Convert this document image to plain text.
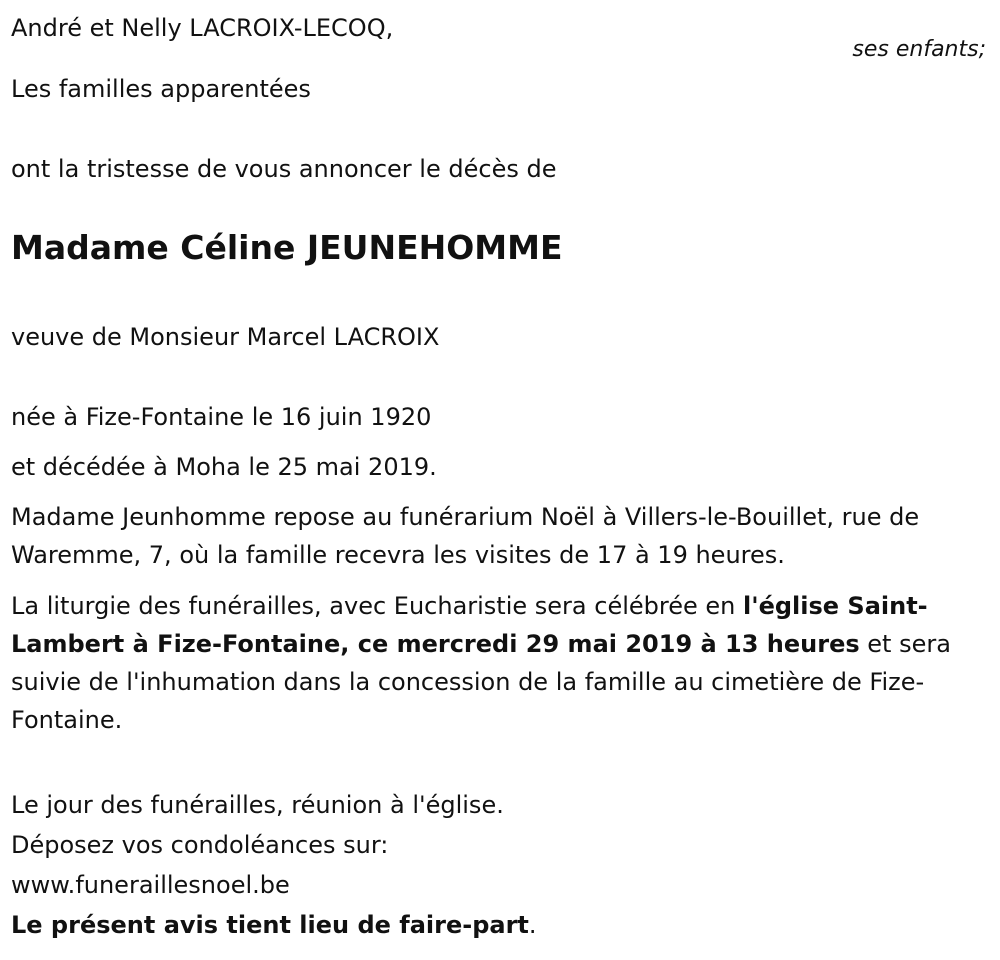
André et Nelly LACROIX-LECOQ,
ses enfants;
Les familles apparentées
ont la tristesse de vous annoncer le décès de
Madame Céline JEUNEHOMME
veuve de Monsieur Marcel LACROIX
née à Fize-Fontaine le 16 juin 1920
et décédée à Moha le 25 mai 2019.
Madame Jeunhomme repose au funérarium Noël à Villers-le-Bouillet, rue de Waremme, 7, où la famille recevra les visites de 17 à 19 heures.
La liturgie des funérailles, avec Eucharistie sera célébrée en l'église Saint-Lambert à Fize-Fontaine, ce mercredi 29 mai 2019 à 13 heures et sera suivie de l'inhumation dans la concession de la famille au cimetière de Fize-Fontaine.
Le jour des funérailles, réunion à l'église.
Déposez vos condoléances sur:
www.funeraillesnoel.be
Le présent avis tient lieu de faire-part.
